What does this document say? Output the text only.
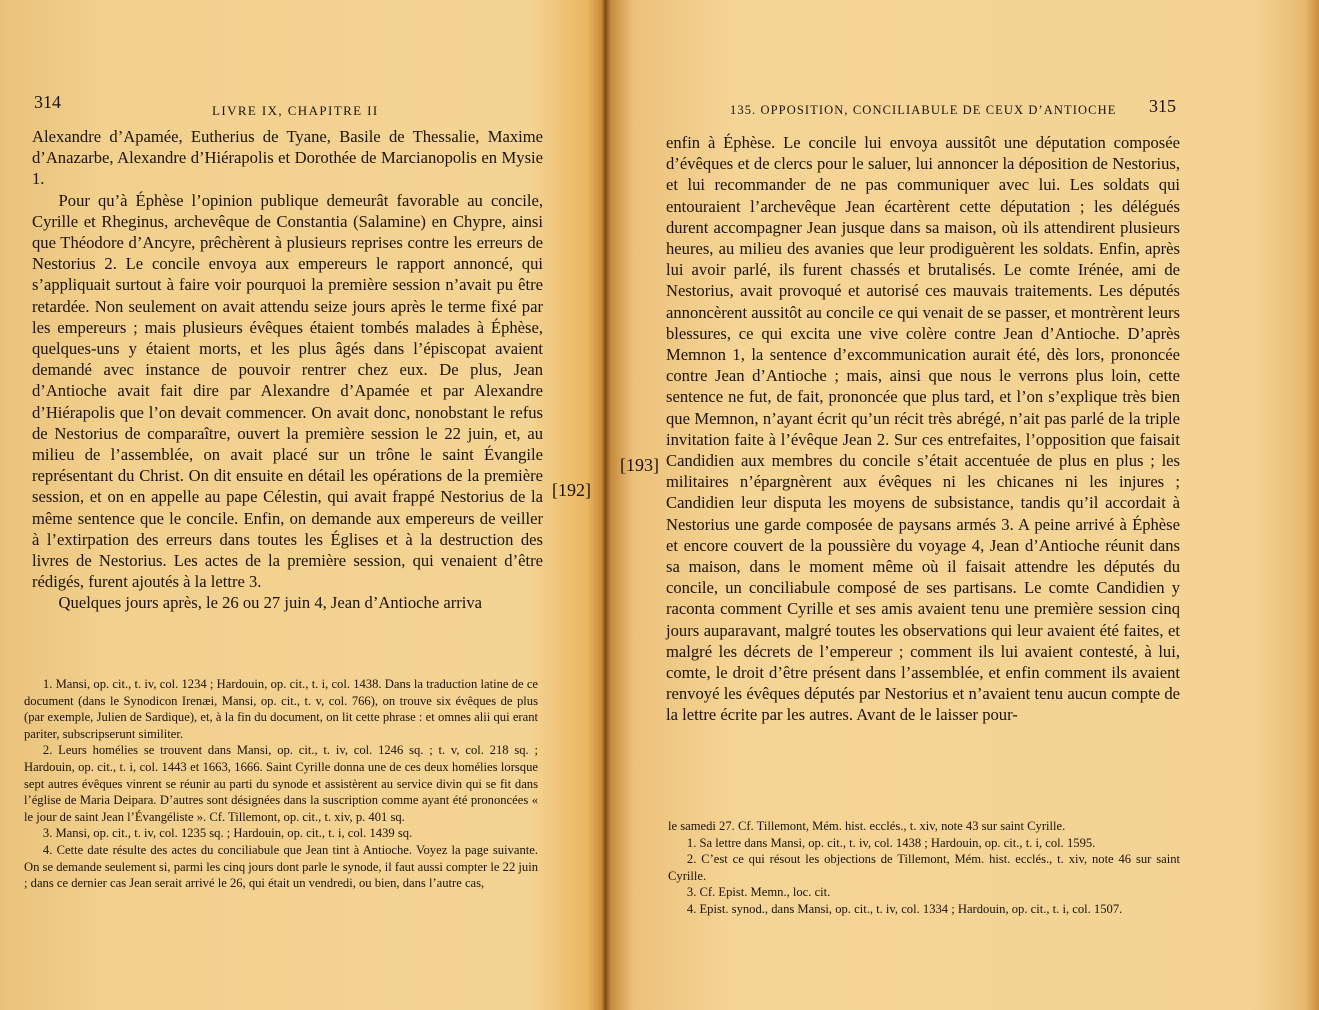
314	LIVRE IX, CHAPITRE II

Alexandre d’Apamée, Eutherius de Tyane, Basile de Thessalie, Maxime d’Anazarbe, Alexandre d’Hiérapolis et Dorothée de Marcianopolis en Mysie 1.

Pour qu’à Éphèse l’opinion publique demeurât favorable au concile, Cyrille et Rheginus, archevêque de Constantia (Salamine) en Chypre, ainsi que Théodore d’Ancyre, prêchèrent à plusieurs reprises contre les erreurs de Nestorius 2. Le concile envoya aux empereurs le rapport annoncé, qui s’appliquait surtout à faire voir pourquoi la première session n’avait pu être retardée. Non seulement on avait attendu seize jours après le terme fixé par les empereurs ; mais plusieurs évêques étaient tombés malades à Éphèse, quelques-uns y étaient morts, et les plus âgés dans l’épiscopat avaient demandé avec instance de pouvoir rentrer chez eux. De plus, Jean d’Antioche avait fait dire par Alexandre d’Apamée et par Alexandre d’Hiérapolis que l’on devait commencer. On avait donc, nonobstant le refus de Nestorius de comparaître, ouvert la première session le 22 juin, et, au milieu de l’assemblée, on avait placé sur un trône le saint Évangile représentant du Christ. On dit ensuite en détail les opérations de la première session, et on en appelle au pape Célestin, qui avait frappé Nestorius de la même sentence que le concile. Enfin, on demande aux empereurs de veiller à l’extirpation des erreurs dans toutes les Églises et à la destruction des livres de Nestorius. Les actes de la première session, qui venaient d’être rédigés, furent ajoutés à la lettre 3.

Quelques jours après, le 26 ou 27 juin 4, Jean d’Antioche arriva

1. Mansi, op. cit., t. iv, col. 1234 ; Hardouin, op. cit., t. i, col. 1438. Dans la traduction latine de ce document (dans le Synodicon Irenæi, Mansi, op. cit., t. v, col. 766), on trouve six évêques de plus (par exemple, Julien de Sardique), et, à la fin du document, on lit cette phrase : et omnes alii qui erant pariter, subscripserunt similiter.

2. Leurs homélies se trouvent dans Mansi, op. cit., t. iv, col. 1246 sq. ; t. v, col. 218 sq. ; Hardouin, op. cit., t. i, col. 1443 et 1663, 1666. Saint Cyrille donna une de ces deux homélies lorsque sept autres évêques vinrent se réunir au parti du synode et assistèrent au service divin qui se fit dans l’église de Maria Deipara. D’autres sont désignées dans la suscription comme ayant été prononcées « le jour de saint Jean l’Évangéliste ». Cf. Tillemont, op. cit., t. xiv, p. 401 sq.

3. Mansi, op. cit., t. iv, col. 1235 sq. ; Hardouin, op. cit., t. i, col. 1439 sq.

4. Cette date résulte des actes du conciliabule que Jean tint à Antioche. Voyez la page suivante. On se demande seulement si, parmi les cinq jours dont parle le synode, il faut aussi compter le 22 juin ; dans ce dernier cas Jean serait arrivé le 26, qui était un vendredi, ou bien, dans l’autre cas,

[192]
135. OPPOSITION, CONCILIABULE DE CEUX D’ANTIOCHE 315
[193]

enfin à Éphèse. Le concile lui envoya aussitôt une députation composée d’évêques et de clercs pour le saluer, lui annoncer la déposition de Nestorius, et lui recommander de ne pas communiquer avec lui. Les soldats qui entouraient l’archevêque Jean écartèrent cette députation ; les délégués durent accompagner Jean jusque dans sa maison, où ils attendirent plusieurs heures, au milieu des avanies que leur prodiguèrent les soldats. Enfin, après lui avoir parlé, ils furent chassés et brutalisés. Le comte Irénée, ami de Nestorius, avait provoqué et autorisé ces mauvais traitements. Les députés annoncèrent aussitôt au concile ce qui venait de se passer, et montrèrent leurs blessures, ce qui excita une vive colère contre Jean d’Antioche. D’après Memnon 1, la sentence d’excommunication aurait été, dès lors, prononcée contre Jean d’Antioche ; mais, ainsi que nous le verrons plus loin, cette sentence ne fut, de fait, prononcée que plus tard, et l’on s’explique très bien que Memnon, n’ayant écrit qu’un récit très abrégé, n’ait pas parlé de la triple invitation faite à l’évêque Jean 2. Sur ces entrefaites, l’opposition que faisait Candidien aux membres du concile s’était accentuée de plus en plus ; les militaires n’épargnèrent aux évêques ni les chicanes ni les injures ; Candidien leur disputa les moyens de subsistance, tandis qu’il accordait à Nestorius une garde composée de paysans armés 3. A peine arrivé à Éphèse et encore couvert de la poussière du voyage 4, Jean d’Antioche réunit dans sa maison, dans le moment même où il faisait attendre les députés du concile, un conciliabule composé de ses partisans. Le comte Candidien y raconta comment Cyrille et ses amis avaient tenu une première session cinq jours auparavant, malgré toutes les observations qui leur avaient été faites, et malgré les décrets de l’empereur ; comment ils lui avaient contesté, à lui, comte, le droit d’être présent dans l’assemblée, et enfin comment ils avaient renvoyé les évêques députés par Nestorius et n’avaient tenu aucun compte de la lettre écrite par les autres. Avant de le laisser pour-

le samedi 27. Cf. Tillemont, Mém. hist. ecclés., t. xiv, note 43 sur saint Cyrille.

1. Sa lettre dans Mansi, op. cit., t. iv, col. 1438 ; Hardouin, op. cit., t. i, col. 1595.

2. C’est ce qui résout les objections de Tillemont, Mém. hist. ecclés., t. xiv, note 46 sur saint Cyrille.

3. Cf. Epist. Memn., loc. cit.

4. Epist. synod., dans Mansi, op. cit., t. iv, col. 1334 ; Hardouin, op. cit., t. i, col. 1507.
